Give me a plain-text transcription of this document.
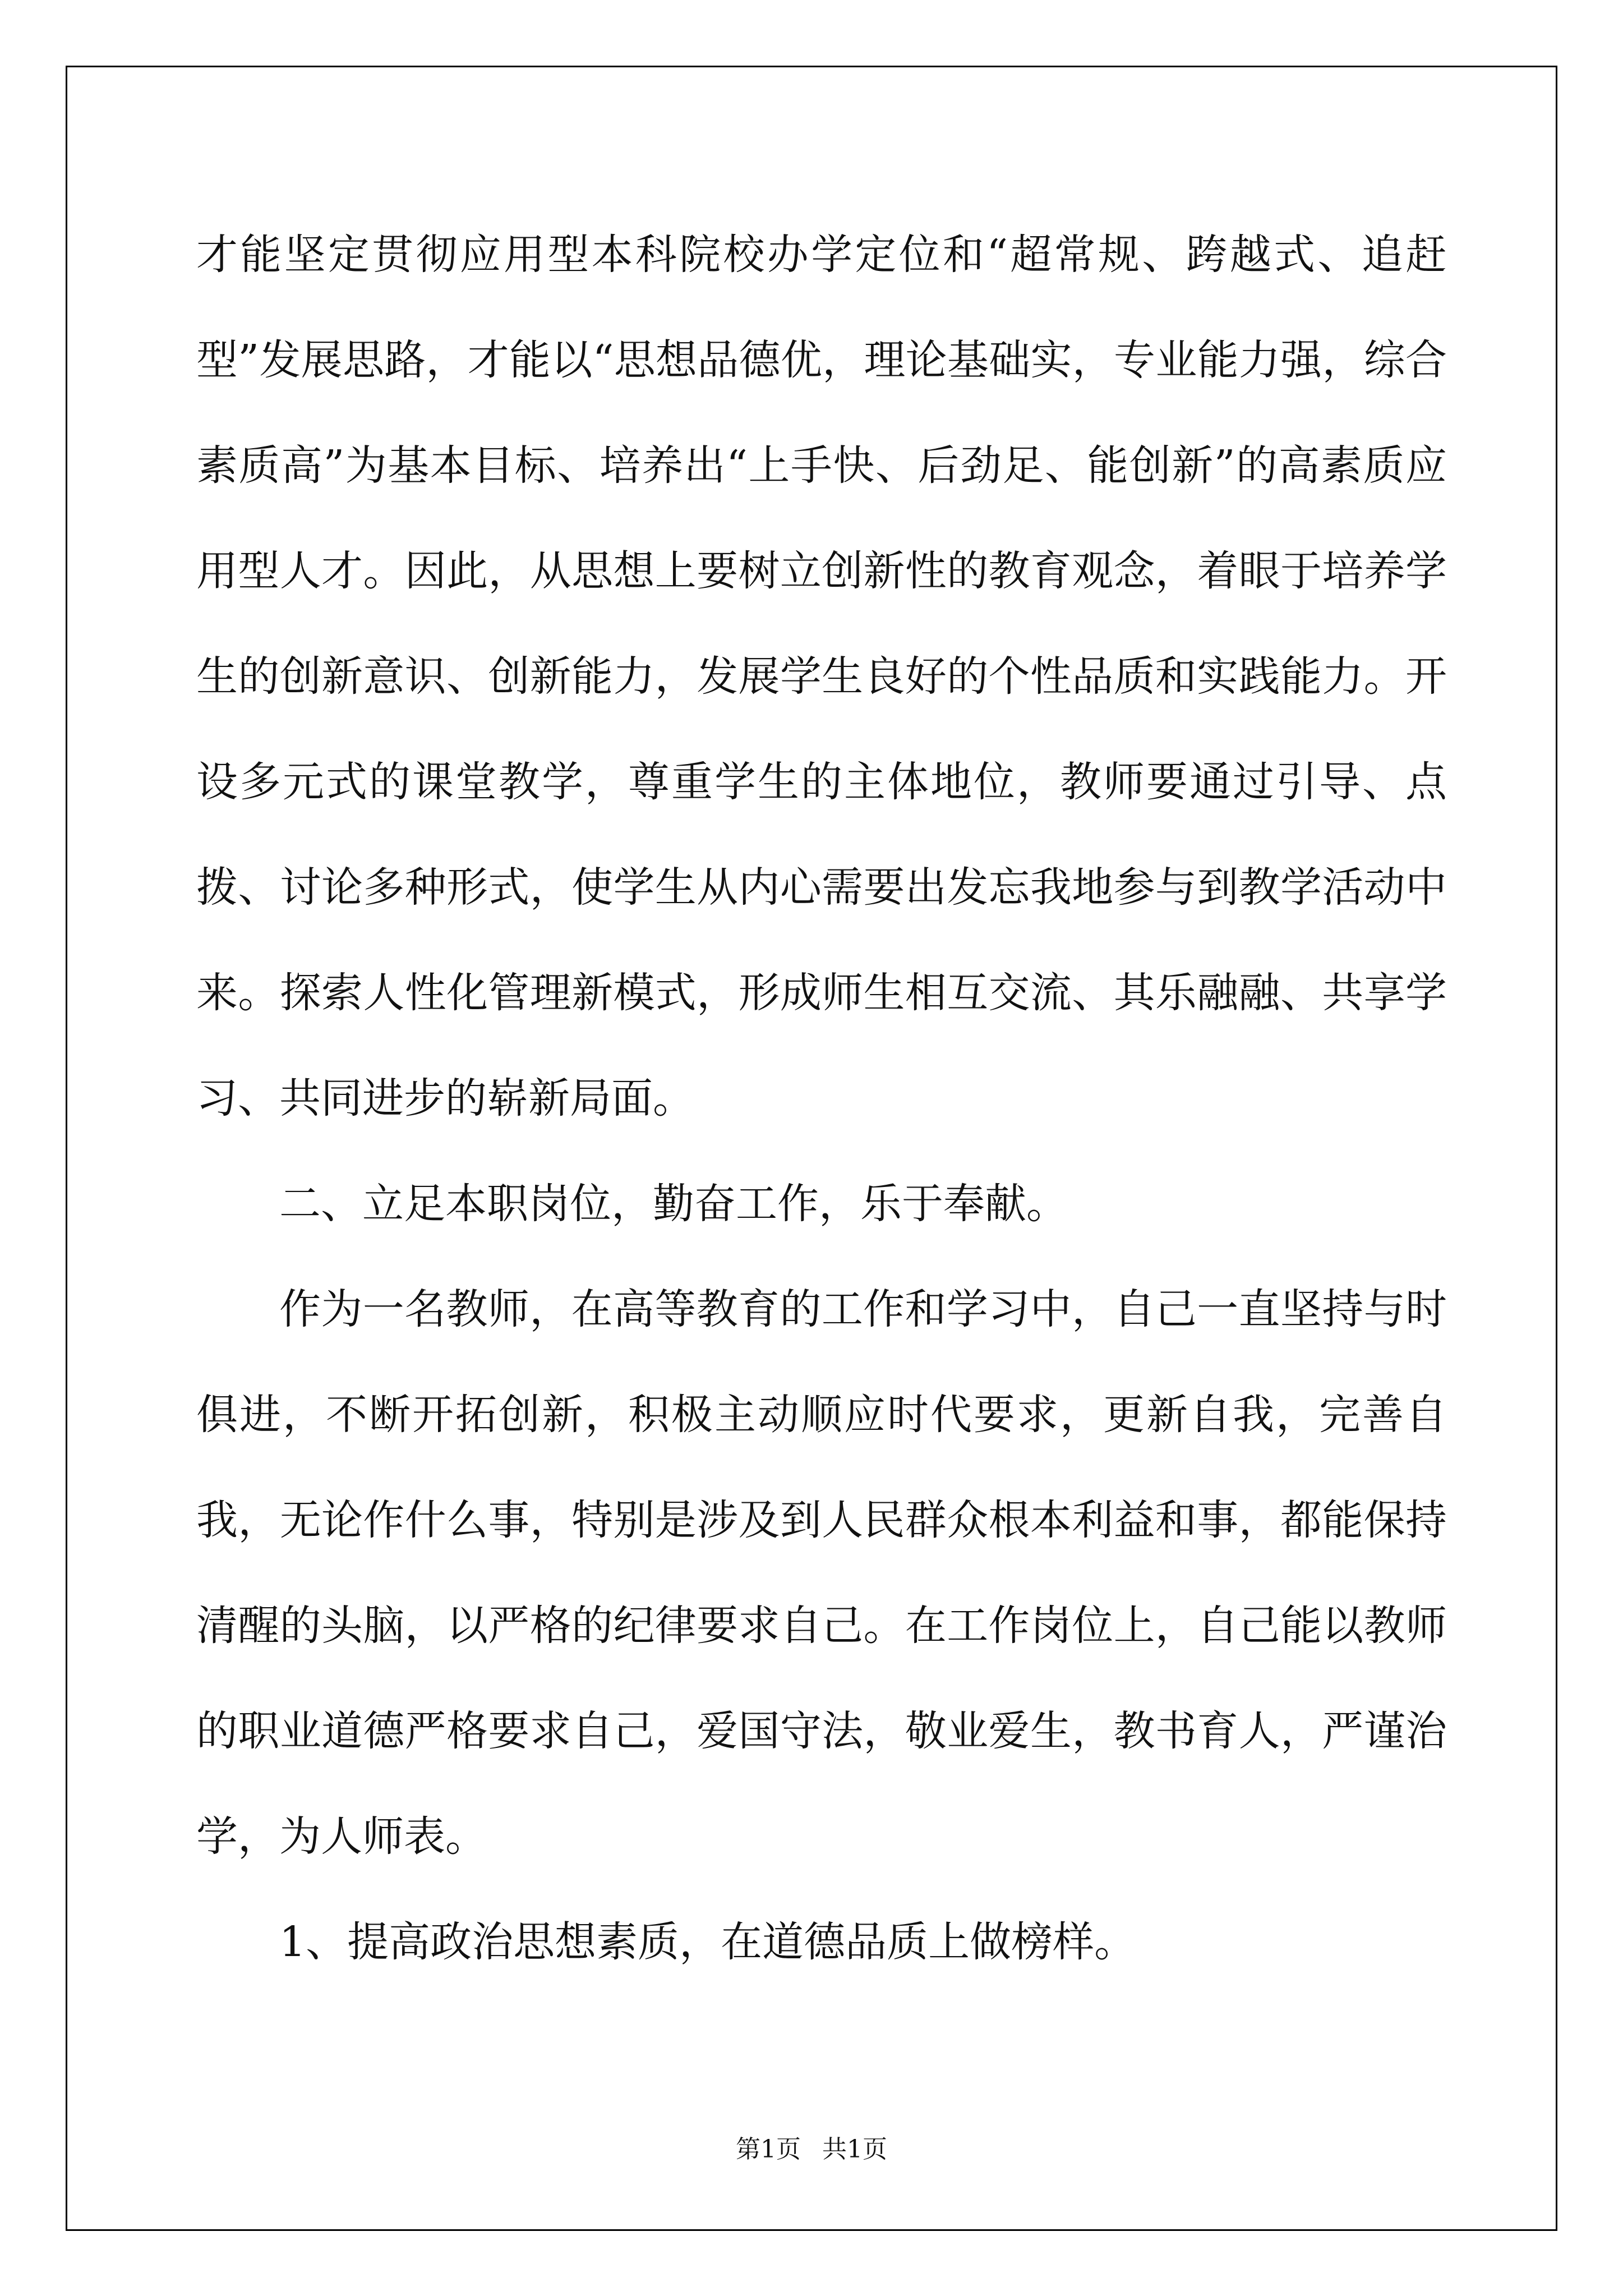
才能坚定贯彻应用型本科院校办学定位和“超常规、跨越式、追赶型”发展思路，才能以“思想品德优，理论基础实，专业能力强，综合素质高”为基本目标、培养出“上手快、后劲足、能创新”的高素质应用型人才。因此，从思想上要树立创新性的教育观念，着眼于培养学生的创新意识、创新能力，发展学生良好的个性品质和实践能力。开设多元式的课堂教学，尊重学生的主体地位，教师要通过引导、点拨、讨论多种形式，使学生从内心需要出发忘我地参与到教学活动中来。探索人性化管理新模式，形成师生相互交流、其乐融融、共享学习、共同进步的崭新局面。

二、立足本职岗位，勤奋工作，乐于奉献。

作为一名教师，在高等教育的工作和学习中，自己一直坚持与时俱进，不断开拓创新，积极主动顺应时代要求，更新自我，完善自我，无论作什么事，特别是涉及到人民群众根本利益和事，都能保持清醒的头脑，以严格的纪律要求自己。在工作岗位上，自己能以教师的职业道德严格要求自己，爱国守法，敬业爱生，教书育人，严谨治学，为人师表。

1、提高政治思想素质，在道德品质上做榜样。

第1页 共1页
